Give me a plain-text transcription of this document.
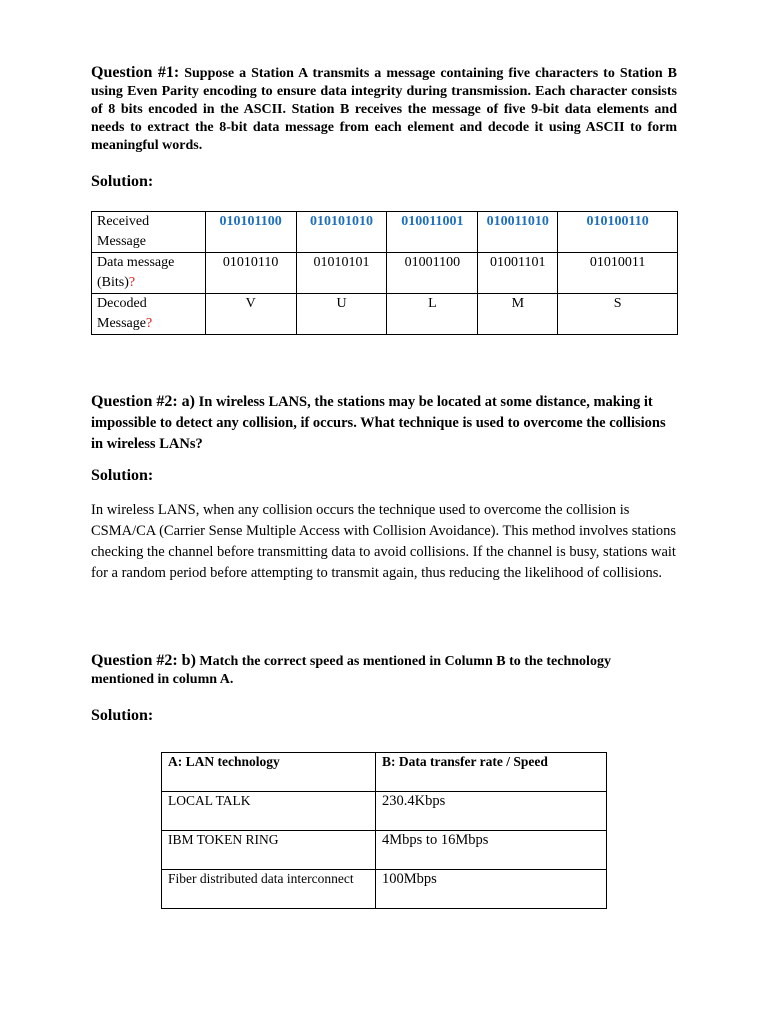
Question #1: Suppose a Station A transmits a message containing five characters to Station B using Even Parity encoding to ensure data integrity during transmission. Each character consists of 8 bits encoded in the ASCII. Station B receives the message of five 9-bit data elements and needs to extract the 8-bit data message from each element and decode it using ASCII to form meaningful words.

Solution:

Received
Message	010101100	010101010	010011001	010011010	010100110
Data message
(Bits)?	01010110	01010101	01001100	01001101	01010011
Decoded
Message?	V	U	L	M	S

Question #2: a) In wireless LANS, the stations may be located at some distance, making it impossible to detect any collision, if occurs. What technique is used to overcome the collisions in wireless LANs?

Solution:

In wireless LANS, when any collision occurs the technique used to overcome the collision is CSMA/CA (Carrier Sense Multiple Access with Collision Avoidance). This method involves stations checking the channel before transmitting data to avoid collisions. If the channel is busy, stations wait for a random period before attempting to transmit again, thus reducing the likelihood of collisions.

Question #2: b) Match the correct speed as mentioned in Column B to the technology mentioned in column A.

Solution:

A: LAN technology	B: Data transfer rate / Speed
LOCAL TALK	230.4Kbps
IBM TOKEN RING	4Mbps to 16Mbps
Fiber distributed data interconnect	100Mbps
